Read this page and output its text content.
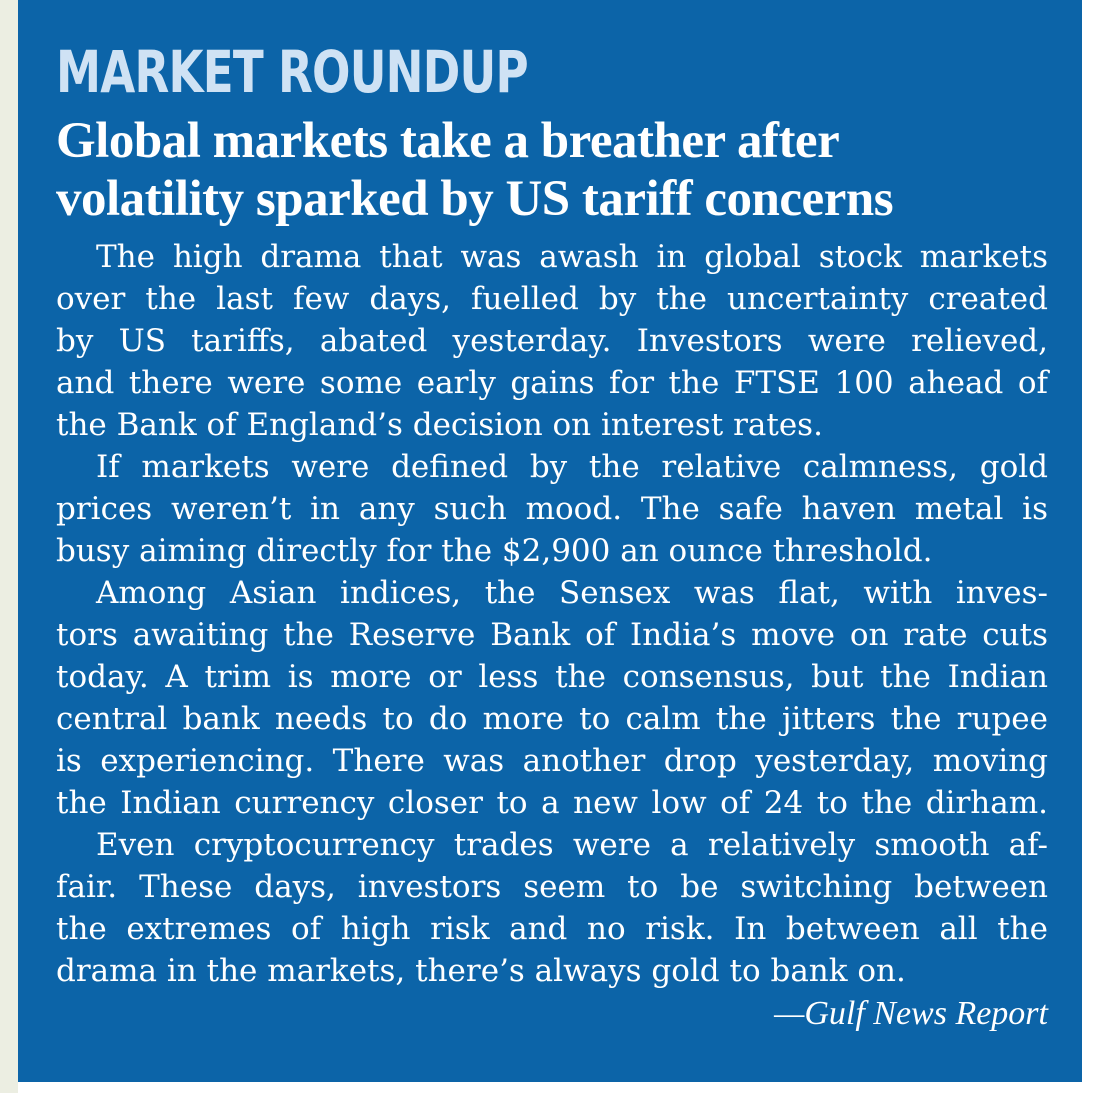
MARKET ROUNDUP
Global markets take a breather after
volatility sparked by US tariff concerns
The high drama that was awash in global stock markets
over the last few days, fuelled by the uncertainty created
by US tariffs, abated yesterday. Investors were relieved,
and there were some early gains for the FTSE 100 ahead of
the Bank of England’s decision on interest rates.
If markets were defined by the relative calmness, gold
prices weren’t in any such mood. The safe haven metal is
busy aiming directly for the $2,900 an ounce threshold.
Among Asian indices, the Sensex was flat, with inves-
tors awaiting the Reserve Bank of India’s move on rate cuts
today. A trim is more or less the consensus, but the Indian
central bank needs to do more to calm the jitters the rupee
is experiencing. There was another drop yesterday, moving
the Indian currency closer to a new low of 24 to the dirham.
Even cryptocurrency trades were a relatively smooth af-
fair. These days, investors seem to be switching between
the extremes of high risk and no risk. In between all the
drama in the markets, there’s always gold to bank on.
—Gulf News Report
